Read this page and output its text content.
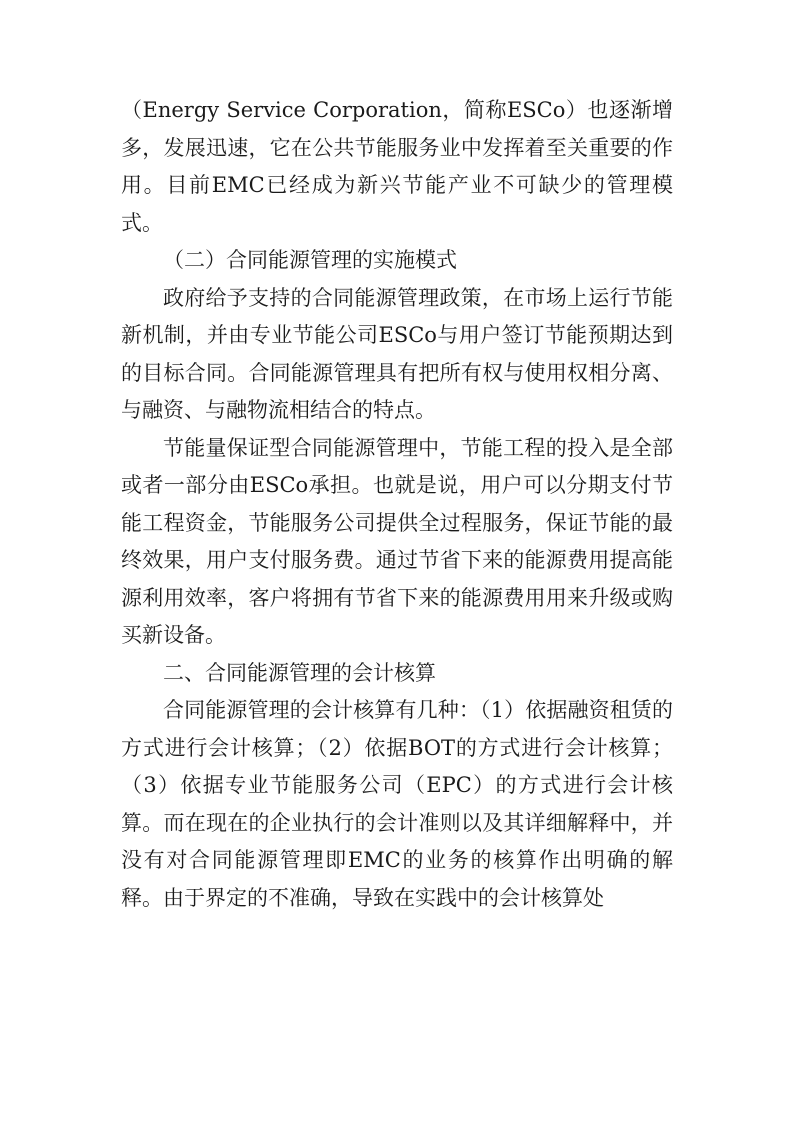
（Energy Service Corporation，简称ESCo）也逐渐增多，发展迅速，它在公共节能服务业中发挥着至关重要的作用。目前EMC已经成为新兴节能产业不可缺少的管理模式。

（二）合同能源管理的实施模式

政府给予支持的合同能源管理政策，在市场上运行节能新机制，并由专业节能公司ESCo与用户签订节能预期达到的目标合同。合同能源管理具有把所有权与使用权相分离、与融资、与融物流相结合的特点。

节能量保证型合同能源管理中，节能工程的投入是全部或者一部分由ESCo承担。也就是说，用户可以分期支付节能工程资金，节能服务公司提供全过程服务，保证节能的最终效果，用户支付服务费。通过节省下来的能源费用提高能源利用效率，客户将拥有节省下来的能源费用用来升级或购买新设备。

二、合同能源管理的会计核算

合同能源管理的会计核算有几种：（1）依据融资租赁的方式进行会计核算；（2）依据BOT的方式进行会计核算；（3）依据专业节能服务公司（EPC）的方式进行会计核算。而在现在的企业执行的会计准则以及其详细解释中，并没有对合同能源管理即EMC的业务的核算作出明确的解释。由于界定的不准确，导致在实践中的会计核算处
